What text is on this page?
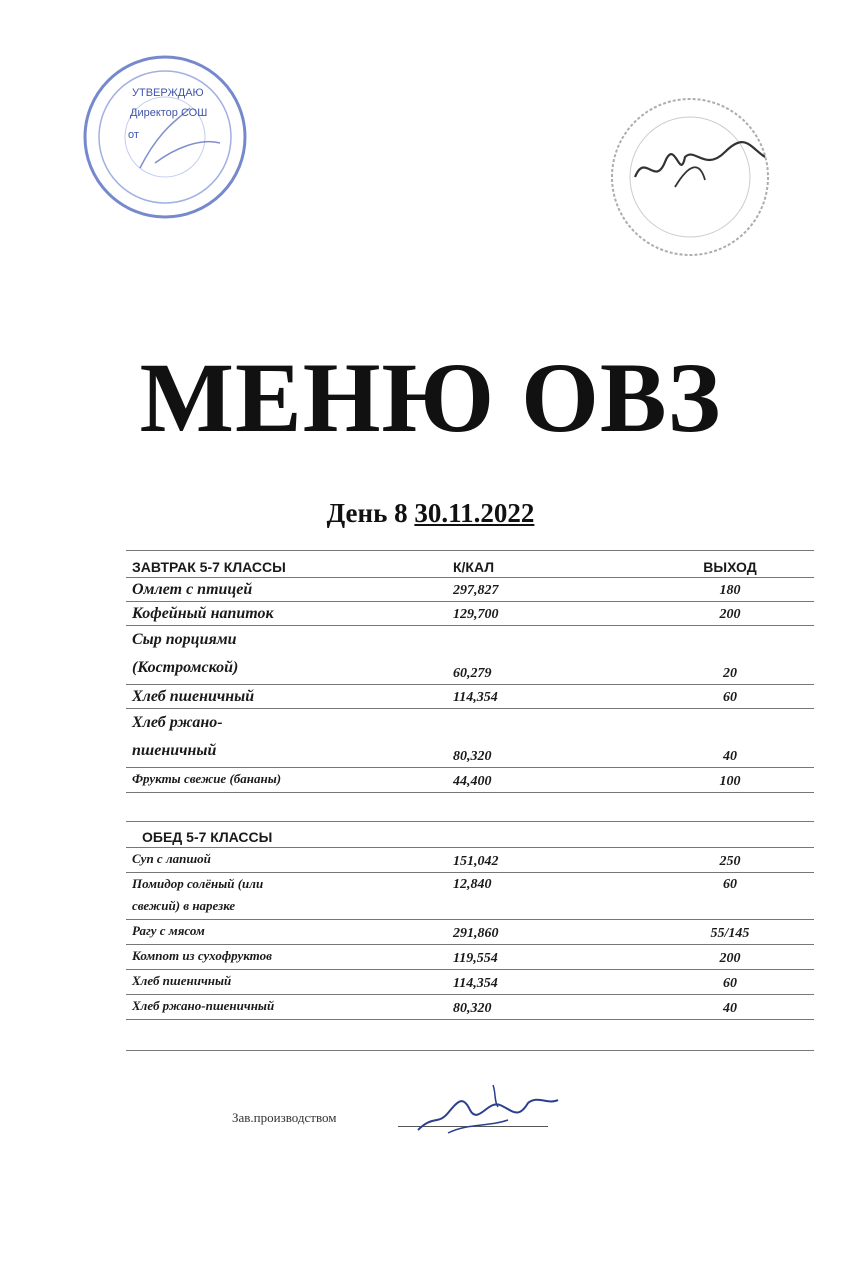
УТВЕРЖДАЮ
Директор СОШ
от
МЕНЮ ОВЗ
День 8 30.11.2022
ЗАВТРАК 5-7 КЛАССЫ	К/КАЛ	ВЫХОД
Омлет с птицей	297,827	180
Кофейный напиток	129,700	200
Сыр порциями
(Костромской)	60,279	20
Хлеб пшеничный	114,354	60
Хлеб ржано-
пшеничный	80,320	40
Фрукты свежие (бананы)	44,400	100
ОБЕД 5-7 КЛАССЫ
Суп с лапшой	151,042	250
Помидор солёный (или
свежий) в нарезке
12,840	60
Рагу с мясом	291,860	55/145
Компот из сухофруктов	119,554	200
Хлеб пшеничный	114,354	60
Хлеб ржано-пшеничный	80,320	40
Зав.производством
